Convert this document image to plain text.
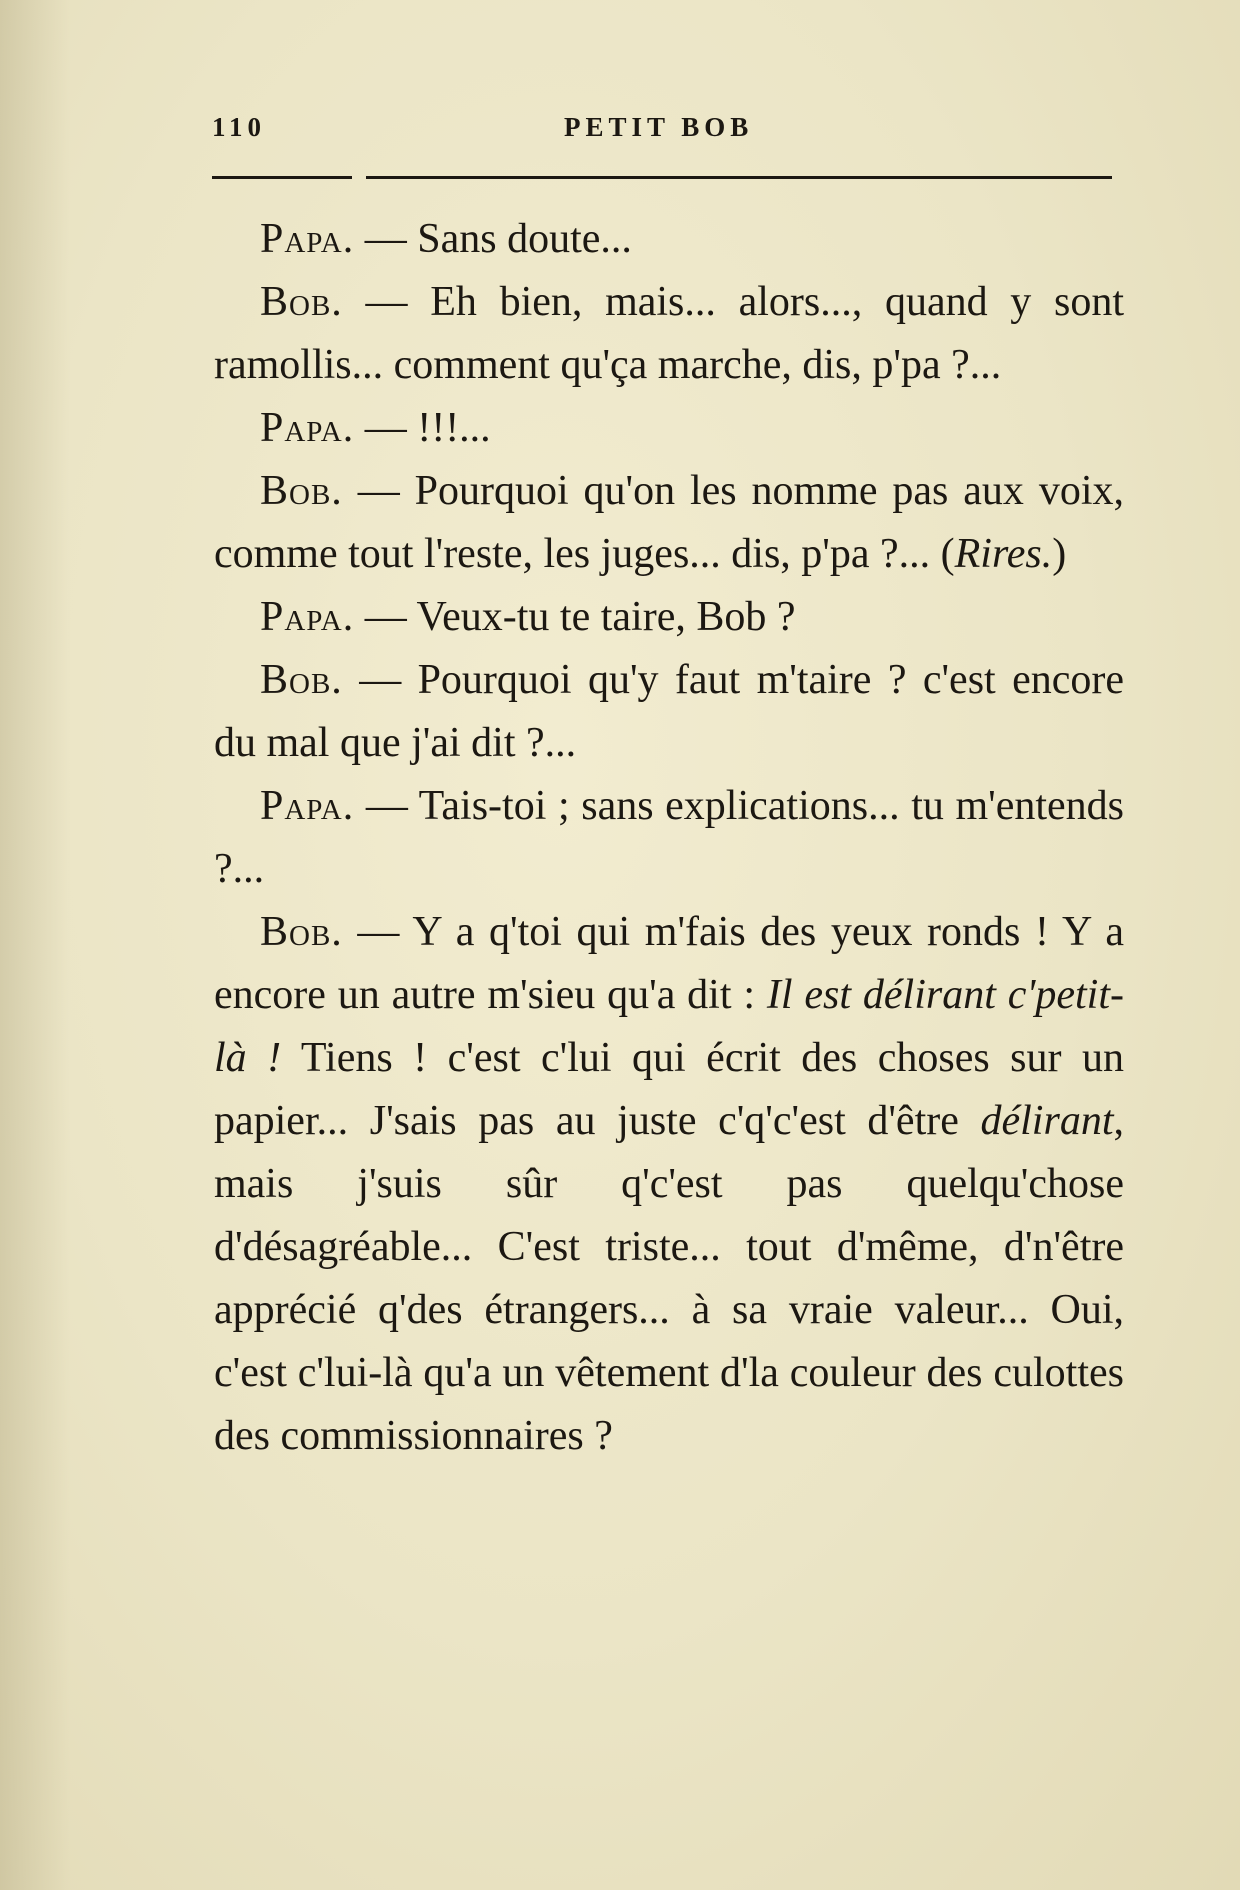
110	PETIT BOB

Papa. — Sans doute...

Bob. — Eh bien, mais... alors..., quand y sont ramollis... comment qu'ça marche, dis, p'pa ?...

Papa. — !!!...

Bob. — Pourquoi qu'on les nomme pas aux voix, comme tout l'reste, les juges... dis, p'pa ?... (Rires.)

Papa. — Veux-tu te taire, Bob ?

Bob. — Pourquoi qu'y faut m'taire ? c'est encore du mal que j'ai dit ?...

Papa. — Tais-toi ; sans explications... tu m'entends ?...

Bob. — Y a q'toi qui m'fais des yeux ronds ! Y a encore un autre m'sieu qu'a dit : Il est délirant c'petit-là ! Tiens ! c'est c'lui qui écrit des choses sur un papier... J'sais pas au juste c'q'c'est d'être délirant, mais j'suis sûr q'c'est pas quelqu'chose d'désagréable... C'est triste... tout d'même, d'n'être apprécié q'des étrangers... à sa vraie valeur... Oui, c'est c'lui-là qu'a un vêtement d'la couleur des culottes des commissionnaires ?
